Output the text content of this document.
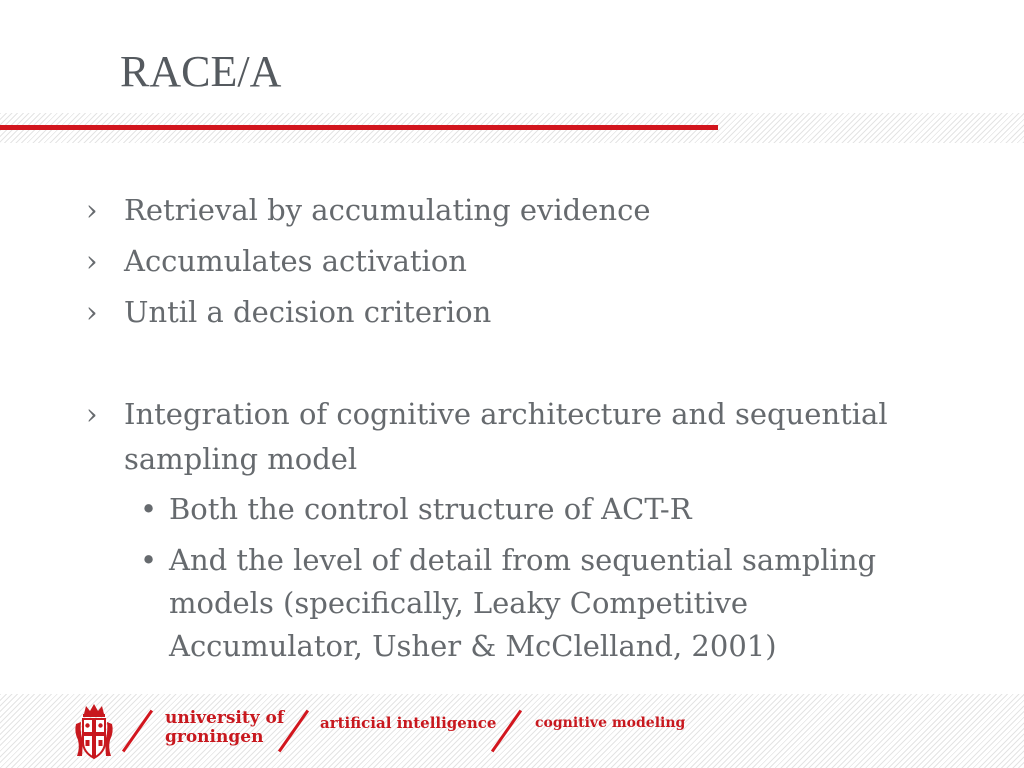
RACE/A
› Retrieval by accumulating evidence
› Accumulates activation
› Until a decision criterion
› Integration of cognitive architecture and sequential
sampling model
• Both the control structure of ACT-R
• And the level of detail from sequential sampling
models (specifically, Leaky Competitive
Accumulator, Usher & McClelland, 2001)
university of
groningen
artificial intelligence	cognitive modeling
